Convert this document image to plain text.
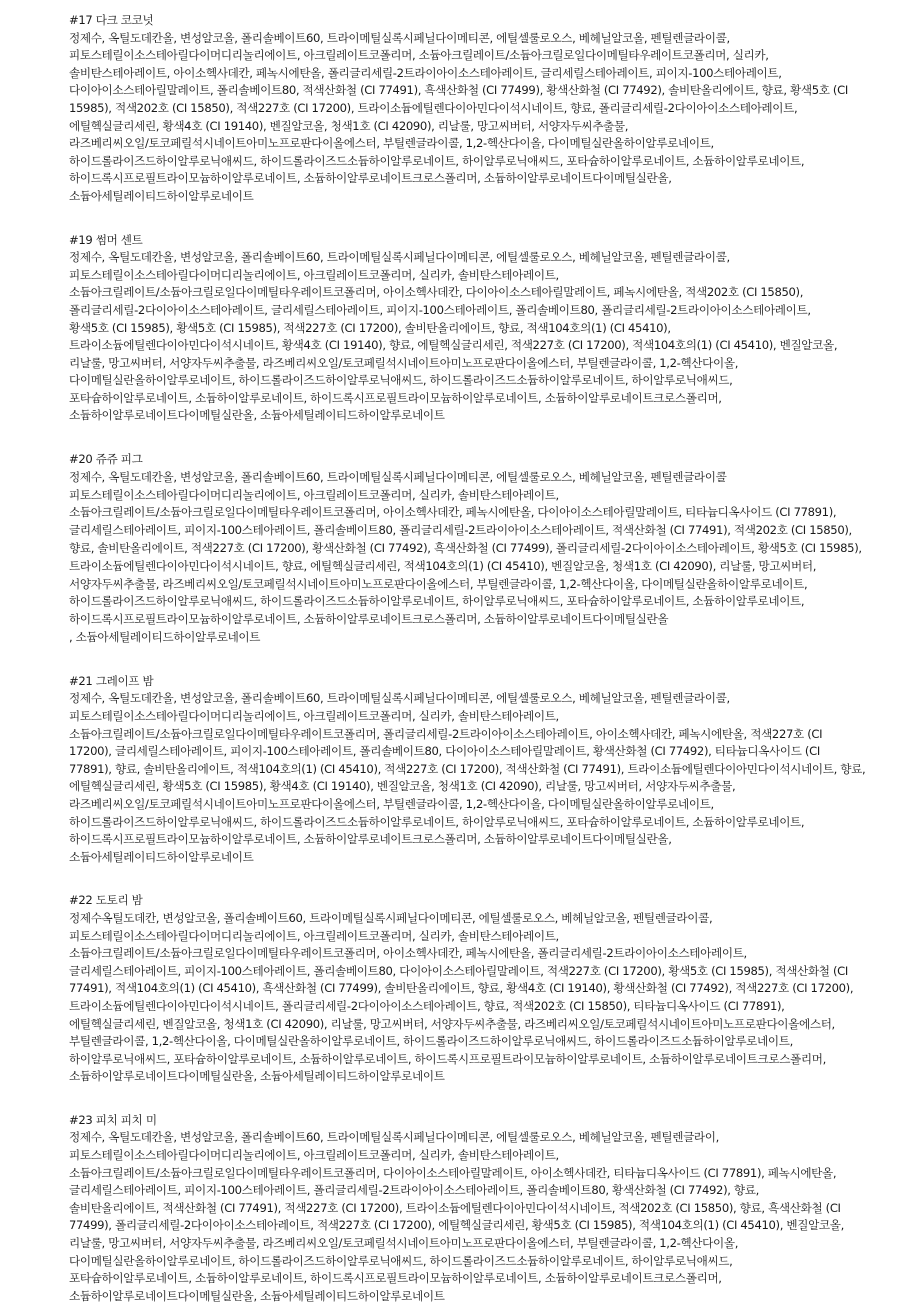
#17 다크 코코넛
정제수, 옥틸도데칸올, 변성알코올, 폴리솔베이트60, 트라이메틸실록시페닐다이메티콘, 에틸셀룰로오스, 베헤닐알코올, 펜틸렌글라이콜,
피토스테릴이소스테아릴다이머디리놀리에이트, 아크릴레이트코폴리머, 소듐아크릴레이트/소듐아크릴로일다이메틸타우레이트코폴리머, 실리카,
솔비탄스테아레이트, 아이소헥사데칸, 페녹시에탄올, 폴리글리세릴-2트라이아이소스테아레이트, 글리세릴스테아레이트, 피이지-100스테아레이트,
다이아이소스테아릴말레이트, 폴리솔베이트80, 적색산화철 (CI 77491), 흑색산화철 (CI 77499), 황색산화철 (CI 77492), 솔비탄올리에이트, 향료, 황색5호 (CI
15985), 적색202호 (CI 15850), 적색227호 (CI 17200), 트라이소듐에틸렌다이아민다이석시네이트, 향료, 폴리글리세릴-2다이아이소스테아레이트,
에틸헥실글리세린, 황색4호 (CI 19140), 벤질알코올, 청색1호 (CI 42090), 리날룰, 망고씨버터, 서양자두씨추출물,
라즈베리씨오일/토코페릴석시네이트아미노프로판다이올에스터, 부틸렌글라이콜, 1,2-헥산다이올, 다이메틸실란올하이알루로네이트,
하이드롤라이즈드하이알루로닉애씨드, 하이드롤라이즈드소듐하이알루로네이트, 하이알루로닉애씨드, 포타슘하이알루로네이트, 소듐하이알루로네이트,
하이드록시프로필트라이모늄하이알루로네이트, 소듐하이알루로네이트크로스폴리머, 소듐하이알루로네이트다이메틸실란올,
소듐아세틸레이티드하이알루로네이트
#19 썸머 센트
정제수, 옥틸도데칸올, 변성알코올, 폴리솔베이트60, 트라이메틸실록시페닐다이메티콘, 에틸셀룰로오스, 베헤닐알코올, 펜틸렌글라이콜,
피토스테릴이소스테아릴다이머디리놀리에이트, 아크릴레이트코폴리머, 실리카, 솔비탄스테아레이트,
소듐아크릴레이트/소듐아크릴로일다이메틸타우레이트코폴리머, 아이소헥사데칸, 다이아이소스테아릴말레이트, 페녹시에탄올, 적색202호 (CI 15850),
폴리글리세릴-2다이아이소스테아레이트, 글리세릴스테아레이트, 피이지-100스테아레이트, 폴리솔베이트80, 폴리글리세릴-2트라이아이소스테아레이트,
황색5호 (CI 15985), 황색5호 (CI 15985), 적색227호 (CI 17200), 솔비탄올리에이트, 향료, 적색104호의(1) (CI 45410),
트라이소듐에틸렌다이아민다이석시네이트, 황색4호 (CI 19140), 향료, 에틸헥실글리세린, 적색227호 (CI 17200), 적색104호의(1) (CI 45410), 벤질알코올,
리날룰, 망고씨버터, 서양자두씨추출물, 라즈베리씨오일/토코페릴석시네이트아미노프로판다이올에스터, 부틸렌글라이콜, 1,2-헥산다이올,
다이메틸실란올하이알루로네이트, 하이드롤라이즈드하이알루로닉애씨드, 하이드롤라이즈드소듐하이알루로네이트, 하이알루로닉애씨드,
포타슘하이알루로네이트, 소듐하이알루로네이트, 하이드록시프로필트라이모늄하이알루로네이트, 소듐하이알루로네이트크로스폴리머,
소듐하이알루로네이트다이메틸실란올, 소듐아세틸레이티드하이알루로네이트
#20 쥬쥬 피그
정제수, 옥틸도데칸올, 변성알코올, 폴리솔베이트60, 트라이메틸실록시페닐다이메티콘, 에틸셀룰로오스, 베헤닐알코올, 펜틸렌글라이콜
피토스테릴이소스테아릴다이머디리놀리에이트, 아크릴레이트코폴리머, 실리카, 솔비탄스테아레이트,
소듐아크릴레이트/소듐아크릴로일다이메틸타우레이트코폴리머, 아이소헥사데칸, 페녹시에탄올, 다이아이소스테아릴말레이트, 티타늄디옥사이드 (CI 77891),
글리세릴스테아레이트, 피이지-100스테아레이트, 폴리솔베이트80, 폴리글리세릴-2트라이아이소스테아레이트, 적색산화철 (CI 77491), 적색202호 (CI 15850),
향료, 솔비탄올리에이트, 적색227호 (CI 17200), 황색산화철 (CI 77492), 흑색산화철 (CI 77499), 폴리글리세릴-2다이아이소스테아레이트, 황색5호 (CI 15985),
트라이소듐에틸렌다이아민다이석시네이트, 향료, 에틸헥실글리세린, 적색104호의(1) (CI 45410), 벤질알코올, 청색1호 (CI 42090), 리날룰, 망고씨버터,
서양자두씨추출물, 라즈베리씨오일/토코페릴석시네이트아미노프로판다이올에스터, 부틸렌글라이콜, 1,2-헥산다이올, 다이메틸실란올하이알루로네이트,
하이드롤라이즈드하이알루로닉애씨드, 하이드롤라이즈드소듐하이알루로네이트, 하이알루로닉애씨드, 포타슘하이알루로네이트, 소듐하이알루로네이트,
하이드록시프로필트라이모늄하이알루로네이트, 소듐하이알루로네이트크로스폴리머, 소듐하이알루로네이트다이메틸실란올
, 소듐아세틸레이티드하이알루로네이트
#21 그레이프 밤
정제수, 옥틸도데칸올, 변성알코올, 폴리솔베이트60, 트라이메틸실록시페닐다이메티콘, 에틸셀룰로오스, 베헤닐알코올, 펜틸렌글라이콜,
피토스테릴이소스테아릴다이머디리놀리에이트, 아크릴레이트코폴리머, 실리카, 솔비탄스테아레이트,
소듐아크릴레이트/소듐아크릴로일다이메틸타우레이트코폴리머, 폴리글리세릴-2트라이아이소스테아레이트, 아이소헥사데칸, 페녹시에탄올, 적색227호 (CI
17200), 글리세릴스테아레이트, 피이지-100스테아레이트, 폴리솔베이트80, 다이아이소스테아릴말레이트, 황색산화철 (CI 77492), 티타늄디옥사이드 (CI
77891), 향료, 솔비탄올리에이트, 적색104호의(1) (CI 45410), 적색227호 (CI 17200), 적색산화철 (CI 77491), 트라이소듐에틸렌다이아민다이석시네이트, 향료,
에틸헥실글리세린, 황색5호 (CI 15985), 황색4호 (CI 19140), 벤질알코올, 청색1호 (CI 42090), 리날룰, 망고씨버터, 서양자두씨추출물,
라즈베리씨오일/토코페릴석시네이트아미노프로판다이올에스터, 부틸렌글라이콜, 1,2-헥산다이올, 다이메틸실란올하이알루로네이트,
하이드롤라이즈드하이알루로닉애씨드, 하이드롤라이즈드소듐하이알루로네이트, 하이알루로닉애씨드, 포타슘하이알루로네이트, 소듐하이알루로네이트,
하이드록시프로필트라이모늄하이알루로네이트, 소듐하이알루로네이트크로스폴리머, 소듐하이알루로네이트다이메틸실란올,
소듐아세틸레이티드하이알루로네이트
#22 도토리 밤
정제수옥틸도데칸, 변성알코올, 폴리솔베이트60, 트라이메틸실록시페닐다이메티콘, 에틸셀룰로오스, 베헤닐알코올, 펜틸렌글라이콜,
피토스테릴이소스테아릴다이머디리놀리에이트, 아크릴레이트코폴리머, 실리카, 솔비탄스테아레이트,
소듐아크릴레이트/소듐아크릴로일다이메틸타우레이트코폴리머, 아이소헥사데칸, 페녹시에탄올, 폴리글리세릴-2트라이아이소스테아레이트,
글리세릴스테아레이트, 피이지-100스테아레이트, 폴리솔베이트80, 다이아이소스테아릴말레이트, 적색227호 (CI 17200), 황색5호 (CI 15985), 적색산화철 (CI
77491), 적색104호의(1) (CI 45410), 흑색산화철 (CI 77499), 솔비탄올리에이트, 향료, 황색4호 (CI 19140), 황색산화철 (CI 77492), 적색227호 (CI 17200),
트라이소듐에틸렌다이아민다이석시네이트, 폴리글리세릴-2다이아이소스테아레이트, 향료, 적색202호 (CI 15850), 티타늄디옥사이드 (CI 77891),
에틸헥실글리세린, 벤질알코올, 청색1호 (CI 42090), 리날룰, 망고씨버터, 서양자두씨추출물, 라즈베리씨오일/토코페릴석시네이트아미노프로판다이올에스터,
부틸렌글라이콜, 1,2-헥산다이올, 다이메틸실란올하이알루로네이트, 하이드롤라이즈드하이알루로닉애씨드, 하이드롤라이즈드소듐하이알루로네이트,
하이알루로닉애씨드, 포타슘하이알루로네이트, 소듐하이알루로네이트, 하이드록시프로필트라이모늄하이알루로네이트, 소듐하이알루로네이트크로스폴리머,
소듐하이알루로네이트다이메틸실란올, 소듐아세틸레이티드하이알루로네이트
#23 피치 피치 미
정제수, 옥틸도데칸올, 변성알코올, 폴리솔베이트60, 트라이메틸실록시페닐다이메티콘, 에틸셀룰로오스, 베헤닐알코올, 펜틸렌글라이,
피토스테릴이소스테아릴다이머디리놀리에이트, 아크릴레이트코폴리머, 실리카, 솔비탄스테아레이트,
소듐아크릴레이트/소듐아크릴로일다이메틸타우레이트코폴리머, 다이아이소스테아릴말레이트, 아이소헥사데칸, 티타늄디옥사이드 (CI 77891), 페녹시에탄올,
글리세릴스테아레이트, 피이지-100스테아레이트, 폴리글리세릴-2트라이아이소스테아레이트, 폴리솔베이트80, 황색산화철 (CI 77492), 향료,
솔비탄올리에이트, 적색산화철 (CI 77491), 적색227호 (CI 17200), 트라이소듐에틸렌다이아민다이석시네이트, 적색202호 (CI 15850), 향료, 흑색산화철 (CI
77499), 폴리글리세릴-2다이아이소스테아레이트, 적색227호 (CI 17200), 에틸헥실글리세린, 황색5호 (CI 15985), 적색104호의(1) (CI 45410), 벤질알코올,
리날룰, 망고씨버터, 서양자두씨추출물, 라즈베리씨오일/토코페릴석시네이트아미노프로판다이올에스터, 부틸렌글라이콜, 1,2-헥산다이올,
다이메틸실란올하이알루로네이트, 하이드롤라이즈드하이알루로닉애씨드, 하이드롤라이즈드소듐하이알루로네이트, 하이알루로닉애씨드,
포타슘하이알루로네이트, 소듐하이알루로네이트, 하이드록시프로필트라이모늄하이알루로네이트, 소듐하이알루로네이트크로스폴리머,
소듐하이알루로네이트다이메틸실란올, 소듐아세틸레이티드하이알루로네이트
